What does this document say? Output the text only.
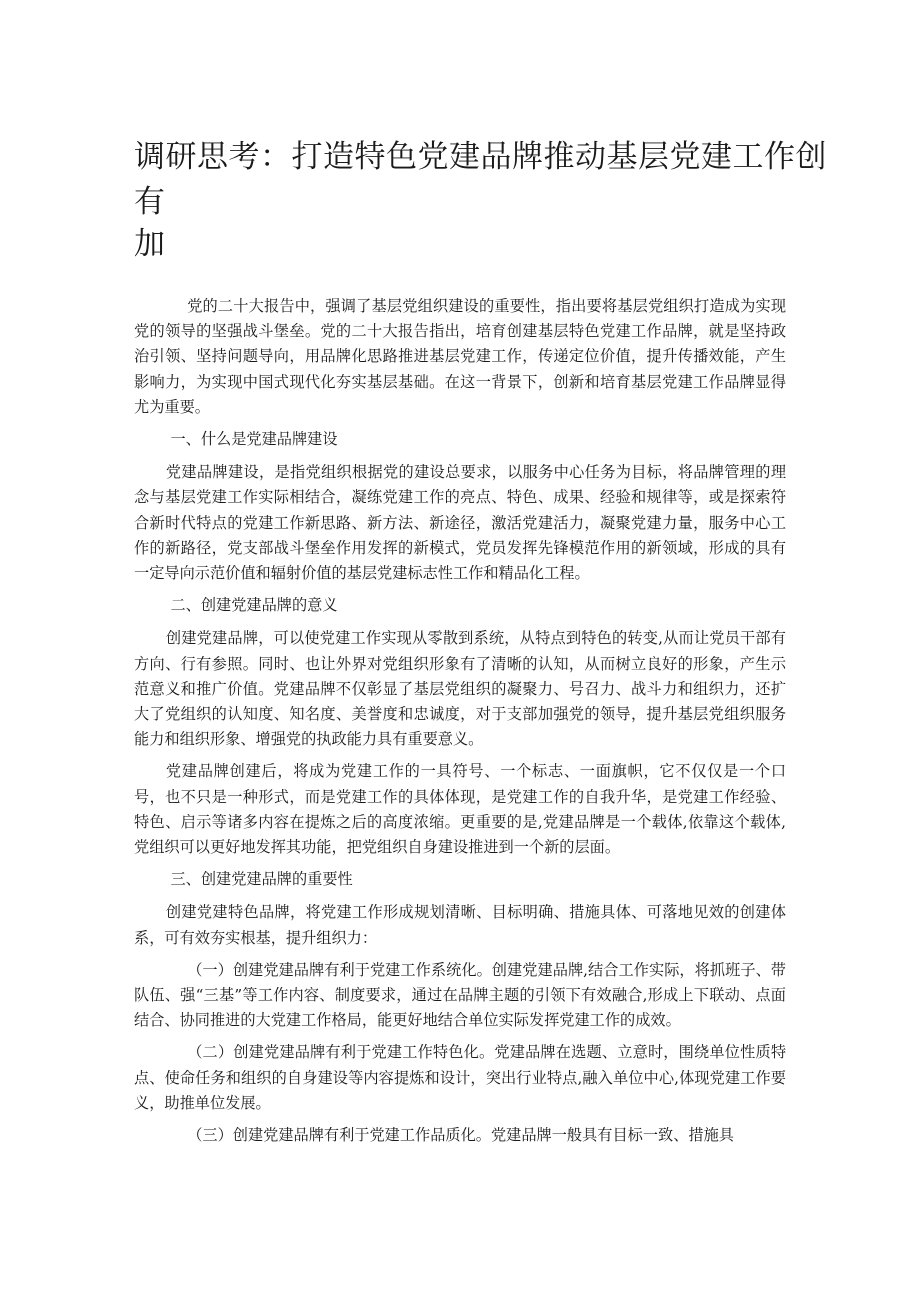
调研思考：打造特色党建品牌推动基层党建工作创
有
加

党的二十大报告中，强调了基层党组织建设的重要性，指出要将基层党组织打造成为实现党的领导的坚强战斗堡垒。党的二十大报告指出，培育创建基层特色党建工作品牌，就是坚持政治引领、坚持问题导向，用品牌化思路推进基层党建工作，传递定位价值，提升传播效能，产生影响力，为实现中国式现代化夯实基层基础。在这一背景下，创新和培育基层党建工作品牌显得尤为重要。

一、什么是党建品牌建设

党建品牌建设，是指党组织根据党的建设总要求，以服务中心任务为目标，将品牌管理的理念与基层党建工作实际相结合，凝练党建工作的亮点、特色、成果、经验和规律等，或是探索符合新时代特点的党建工作新思路、新方法、新途径，激活党建活力，凝聚党建力量，服务中心工作的新路径，党支部战斗堡垒作用发挥的新模式，党员发挥先锋模范作用的新领域，形成的具有一定导向示范价值和辐射价值的基层党建标志性工作和精品化工程。

二、创建党建品牌的意义

创建党建品牌，可以使党建工作实现从零散到系统，从特点到特色的转变,从而让党员干部有方向、行有参照。同时、也让外界对党组织形象有了清晰的认知，从而树立良好的形象，产生示范意义和推广价值。党建品牌不仅彰显了基层党组织的凝聚力、号召力、战斗力和组织力，还扩大了党组织的认知度、知名度、美誉度和忠诚度，对于支部加强党的领导，提升基层党组织服务能力和组织形象、增强党的执政能力具有重要意义。

党建品牌创建后，将成为党建工作的一具符号、一个标志、一面旗帜，它不仅仅是一个口号，也不只是一种形式，而是党建工作的具体体现，是党建工作的自我升华，是党建工作经验、特色、启示等诸多内容在提炼之后的高度浓缩。更重要的是,党建品牌是一个载体,依靠这个载体,党组织可以更好地发挥其功能，把党组织自身建设推进到一个新的层面。

三、创建党建品牌的重要性

创建党建特色品牌，将党建工作形成规划清晰、目标明确、措施具体、可落地见效的创建体系，可有效夯实根基，提升组织力：

（一）创建党建品牌有利于党建工作系统化。创建党建品牌,结合工作实际，将抓班子、带队伍、强“三基”等工作内容、制度要求，通过在品牌主题的引领下有效融合,形成上下联动、点面结合、协同推进的大党建工作格局，能更好地结合单位实际发挥党建工作的成效。

（二）创建党建品牌有利于党建工作特色化。党建品牌在选题、立意时，围绕单位性质特点、使命任务和组织的自身建设等内容提炼和设计，突出行业特点,融入单位中心,体现党建工作要义，助推单位发展。

（三）创建党建品牌有利于党建工作品质化。党建品牌一般具有目标一致、措施具
